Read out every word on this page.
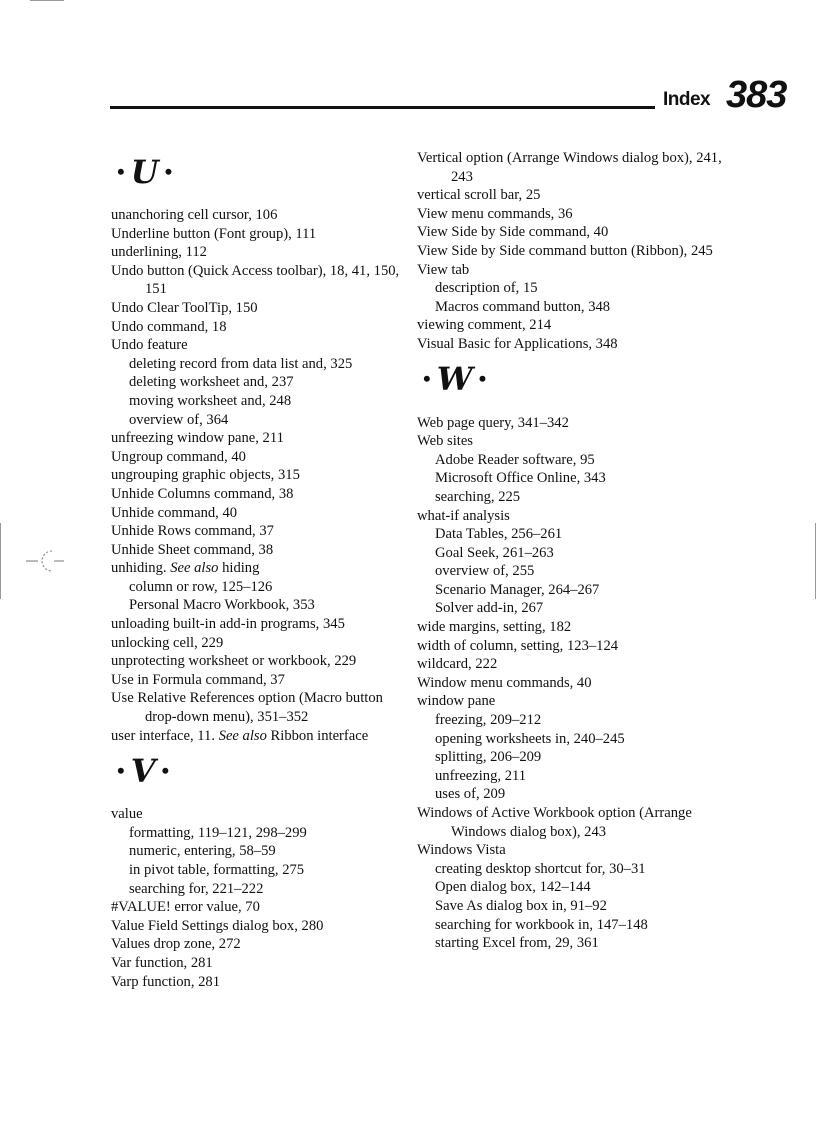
Index 383
• U •

unanchoring cell cursor, 106

Underline button (Font group), 111

underlining, 112

Undo button (Quick Access toolbar), 18, 41, 150, 151

Undo Clear ToolTip, 150

Undo command, 18

Undo feature

deleting record from data list and, 325

deleting worksheet and, 237

moving worksheet and, 248

overview of, 364

unfreezing window pane, 211

Ungroup command, 40

ungrouping graphic objects, 315

Unhide Columns command, 38

Unhide command, 40

Unhide Rows command, 37

Unhide Sheet command, 38

unhiding. See also hiding

column or row, 125–126

Personal Macro Workbook, 353

unloading built-in add-in programs, 345

unlocking cell, 229

unprotecting worksheet or workbook, 229

Use in Formula command, 37

Use Relative References option (Macro button drop-down menu), 351–352

user interface, 11. See also Ribbon interface

• V •

value

formatting, 119–121, 298–299

numeric, entering, 58–59

in pivot table, formatting, 275

searching for, 221–222

#VALUE! error value, 70

Value Field Settings dialog box, 280

Values drop zone, 272

Var function, 281

Varp function, 281

Vertical option (Arrange Windows dialog box), 241, 243

vertical scroll bar, 25

View menu commands, 36

View Side by Side command, 40

View Side by Side command button (Ribbon), 245

View tab

description of, 15

Macros command button, 348

viewing comment, 214

Visual Basic for Applications, 348

• W •

Web page query, 341–342

Web sites

Adobe Reader software, 95

Microsoft Office Online, 343

searching, 225

what-if analysis

Data Tables, 256–261

Goal Seek, 261–263

overview of, 255

Scenario Manager, 264–267

Solver add-in, 267

wide margins, setting, 182

width of column, setting, 123–124

wildcard, 222

Window menu commands, 40

window pane

freezing, 209–212

opening worksheets in, 240–245

splitting, 206–209

unfreezing, 211

uses of, 209

Windows of Active Workbook option (Arrange Windows dialog box), 243

Windows Vista

creating desktop shortcut for, 30–31

Open dialog box, 142–144

Save As dialog box in, 91–92

searching for workbook in, 147–148

starting Excel from, 29, 361
